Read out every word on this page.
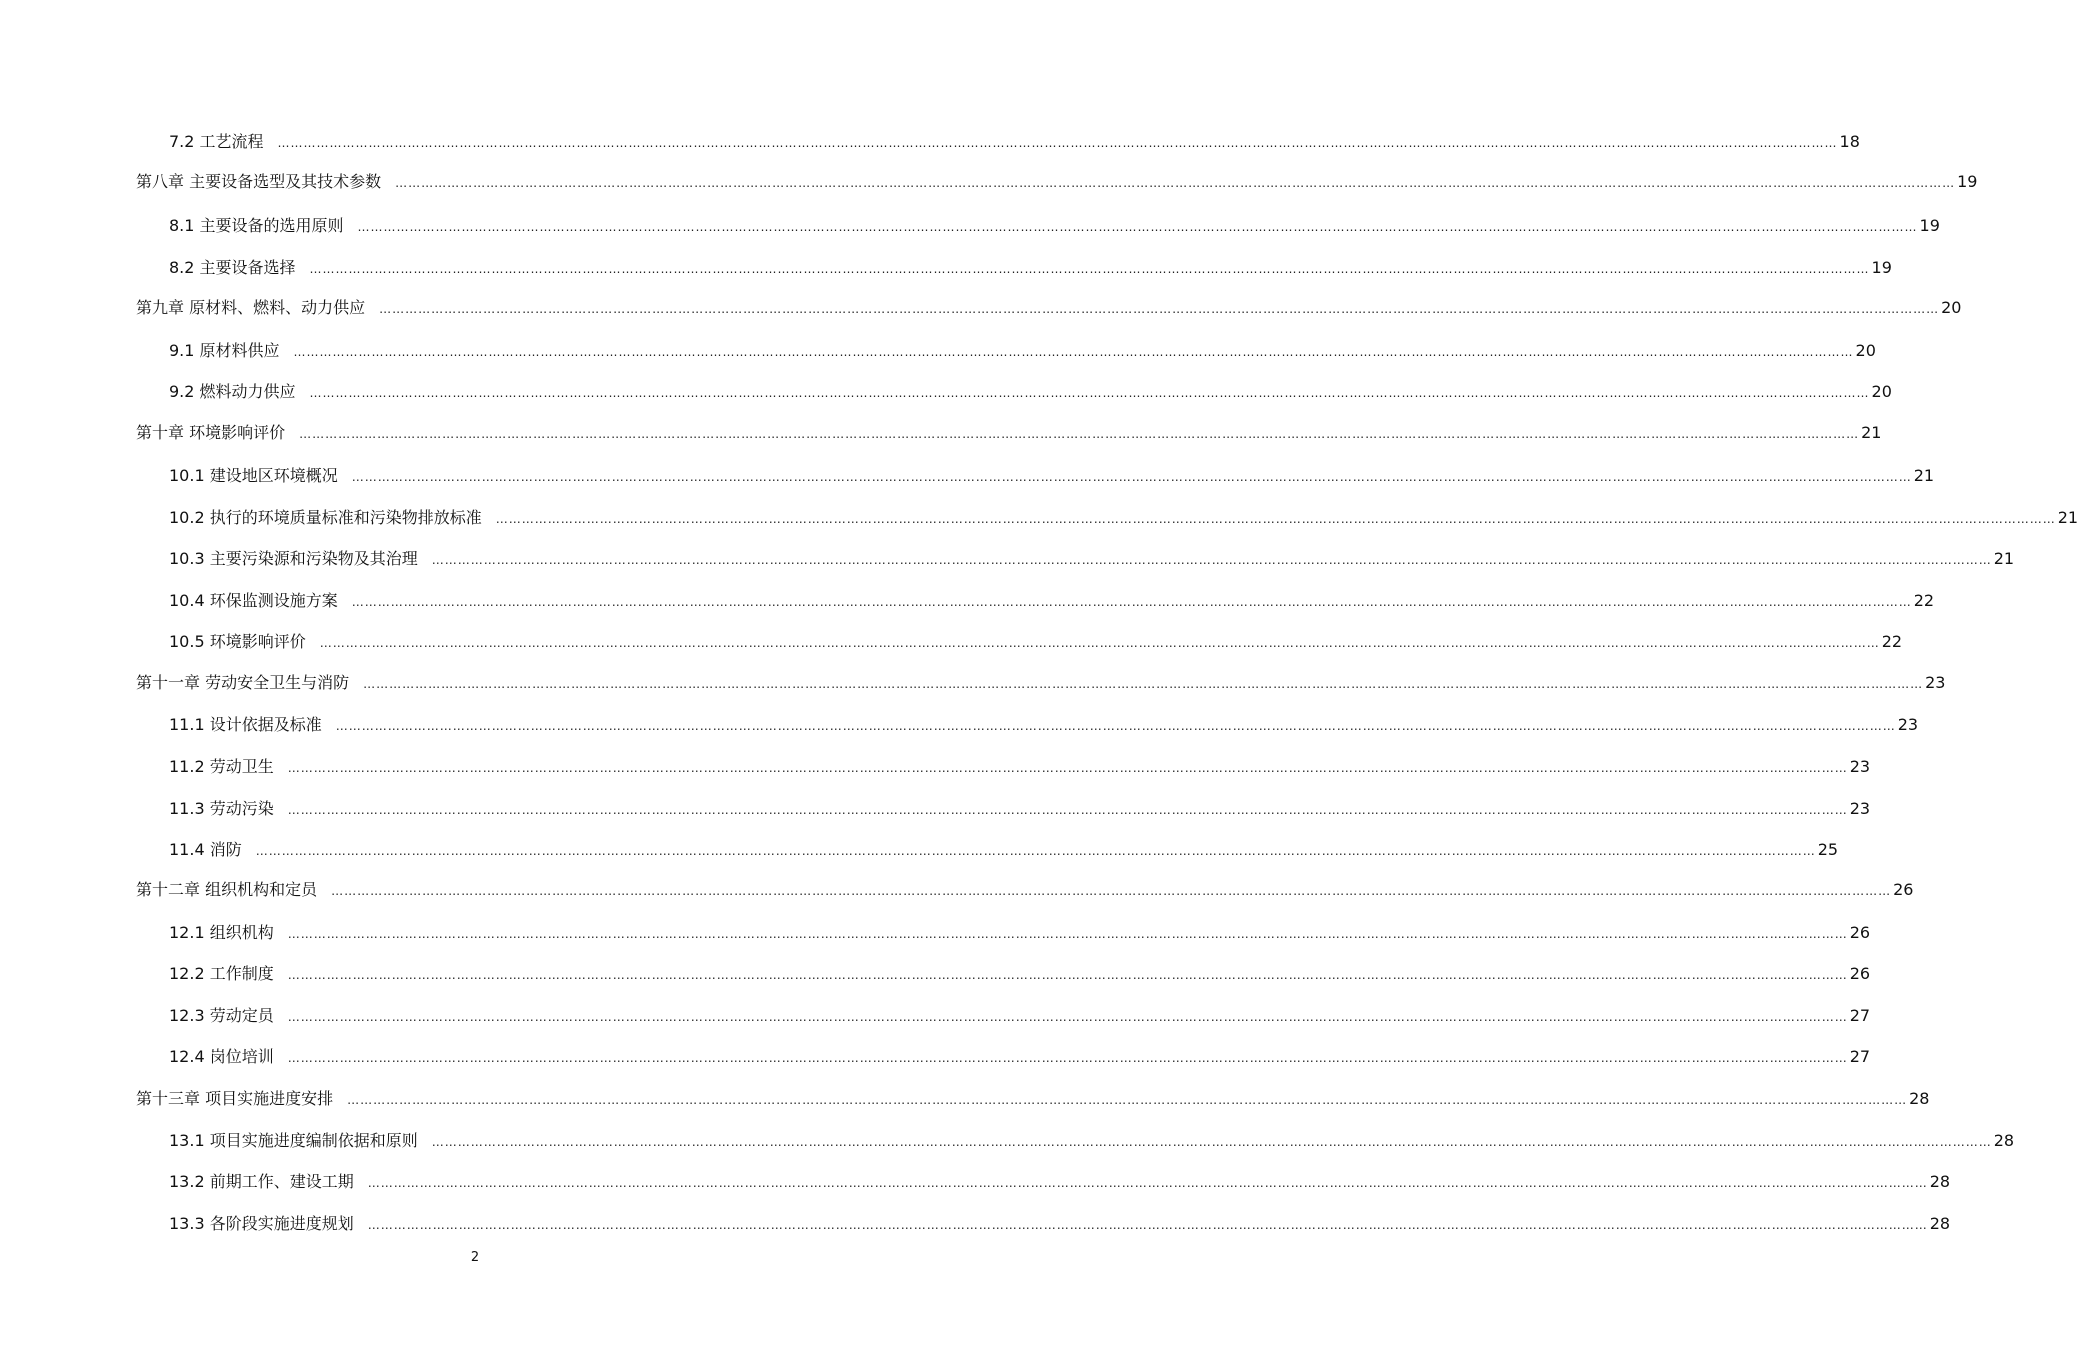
7.2 工艺流程 ……………………………………………………………………………………………………………………………………………………………………………………………………………………………………………………………………………………………………………………………… 18
第八章 主要设备选型及其技术参数 ……………………………………………………………………………………………………………………………………………………………………………………………………………………………………………………………………………………………………………………………… 19
8.1 主要设备的选用原则 ……………………………………………………………………………………………………………………………………………………………………………………………………………………………………………………………………………………………………………………………… 19
8.2 主要设备选择 ……………………………………………………………………………………………………………………………………………………………………………………………………………………………………………………………………………………………………………………………… 19
第九章 原材料、燃料、动力供应 ……………………………………………………………………………………………………………………………………………………………………………………………………………………………………………………………………………………………………………………………… 20
9.1 原材料供应 ……………………………………………………………………………………………………………………………………………………………………………………………………………………………………………………………………………………………………………………………… 20
9.2 燃料动力供应 ……………………………………………………………………………………………………………………………………………………………………………………………………………………………………………………………………………………………………………………………… 20
第十章 环境影响评价 ……………………………………………………………………………………………………………………………………………………………………………………………………………………………………………………………………………………………………………………………… 21
10.1 建设地区环境概况 ……………………………………………………………………………………………………………………………………………………………………………………………………………………………………………………………………………………………………………………………… 21
10.2 执行的环境质量标准和污染物排放标准 ……………………………………………………………………………………………………………………………………………………………………………………………………………………………………………………………………………………………………………………………… 21
10.3 主要污染源和污染物及其治理 ……………………………………………………………………………………………………………………………………………………………………………………………………………………………………………………………………………………………………………………………… 21
10.4 环保监测设施方案 ……………………………………………………………………………………………………………………………………………………………………………………………………………………………………………………………………………………………………………………………… 22
10.5 环境影响评价 ……………………………………………………………………………………………………………………………………………………………………………………………………………………………………………………………………………………………………………………………… 22
第十一章 劳动安全卫生与消防 ……………………………………………………………………………………………………………………………………………………………………………………………………………………………………………………………………………………………………………………………… 23
11.1 设计依据及标准 ……………………………………………………………………………………………………………………………………………………………………………………………………………………………………………………………………………………………………………………………… 23
11.2 劳动卫生 ……………………………………………………………………………………………………………………………………………………………………………………………………………………………………………………………………………………………………………………………… 23
11.3 劳动污染 ……………………………………………………………………………………………………………………………………………………………………………………………………………………………………………………………………………………………………………………………… 23
11.4 消防 ……………………………………………………………………………………………………………………………………………………………………………………………………………………………………………………………………………………………………………………………… 25
第十二章 组织机构和定员 ……………………………………………………………………………………………………………………………………………………………………………………………………………………………………………………………………………………………………………………………… 26
12.1 组织机构 ……………………………………………………………………………………………………………………………………………………………………………………………………………………………………………………………………………………………………………………………… 26
12.2 工作制度 ……………………………………………………………………………………………………………………………………………………………………………………………………………………………………………………………………………………………………………………………… 26
12.3 劳动定员 ……………………………………………………………………………………………………………………………………………………………………………………………………………………………………………………………………………………………………………………………… 27
12.4 岗位培训 ……………………………………………………………………………………………………………………………………………………………………………………………………………………………………………………………………………………………………………………………… 27
第十三章 项目实施进度安排 ……………………………………………………………………………………………………………………………………………………………………………………………………………………………………………………………………………………………………………………………… 28
13.1 项目实施进度编制依据和原则 ……………………………………………………………………………………………………………………………………………………………………………………………………………………………………………………………………………………………………………………………… 28
13.2 前期工作、建设工期 ……………………………………………………………………………………………………………………………………………………………………………………………………………………………………………………………………………………………………………………………… 28
13.3 各阶段实施进度规划 ……………………………………………………………………………………………………………………………………………………………………………………………………………………………………………………………………………………………………………………………… 28
2
